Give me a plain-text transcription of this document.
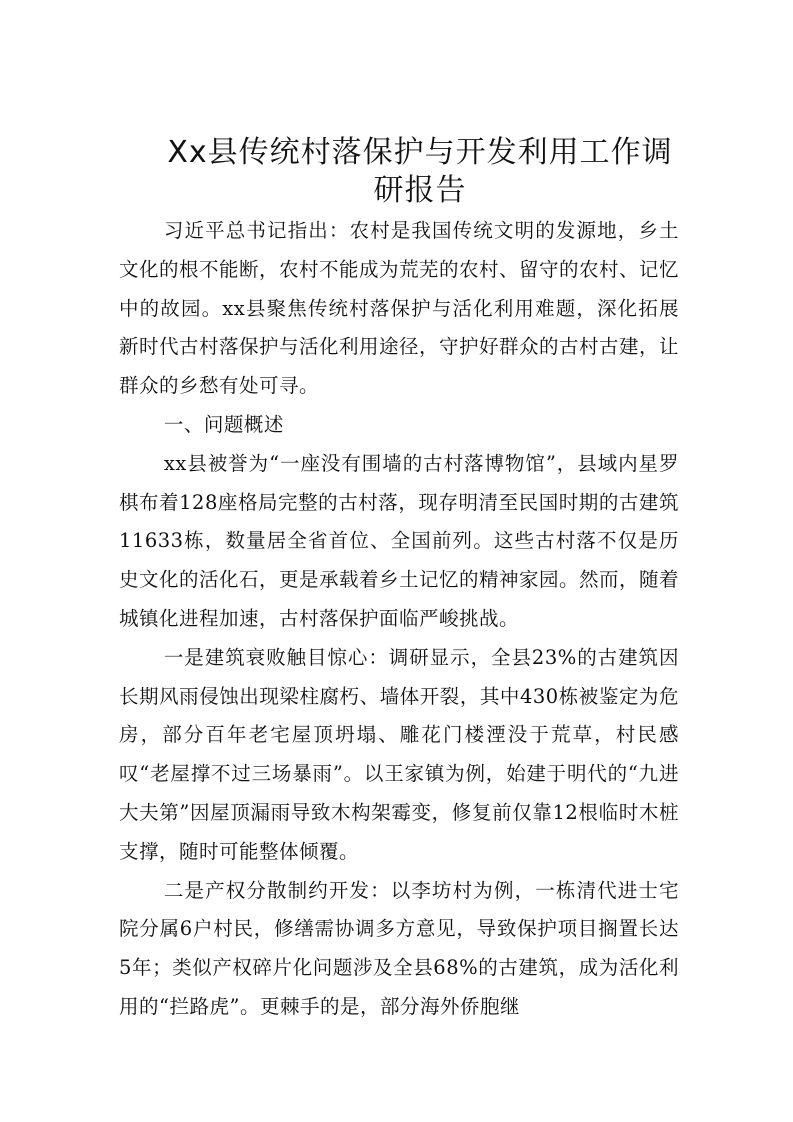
Xx县传统村落保护与开发利用工作调
研报告

习近平总书记指出：农村是我国传统文明的发源地，乡土文化的根不能断，农村不能成为荒芜的农村、留守的农村、记忆中的故园。xx县聚焦传统村落保护与活化利用难题，深化拓展新时代古村落保护与活化利用途径，守护好群众的古村古建，让群众的乡愁有处可寻。

一、问题概述

xx县被誉为“一座没有围墙的古村落博物馆”，县域内星罗棋布着128座格局完整的古村落，现存明清至民国时期的古建筑11633栋，数量居全省首位、全国前列。这些古村落不仅是历史文化的活化石，更是承载着乡土记忆的精神家园。然而，随着城镇化进程加速，古村落保护面临严峻挑战。

一是建筑衰败触目惊心：调研显示，全县23%的古建筑因长期风雨侵蚀出现梁柱腐朽、墙体开裂，其中430栋被鉴定为危房，部分百年老宅屋顶坍塌、雕花门楼湮没于荒草，村民感叹“老屋撑不过三场暴雨”。以王家镇为例，始建于明代的“九进大夫第”因屋顶漏雨导致木构架霉变，修复前仅靠12根临时木桩支撑，随时可能整体倾覆。

二是产权分散制约开发：以李坊村为例，一栋清代进士宅院分属6户村民，修缮需协调多方意见，导致保护项目搁置长达5年；类似产权碎片化问题涉及全县68%的古建筑，成为活化利用的“拦路虎”。更棘手的是，部分海外侨胞继
